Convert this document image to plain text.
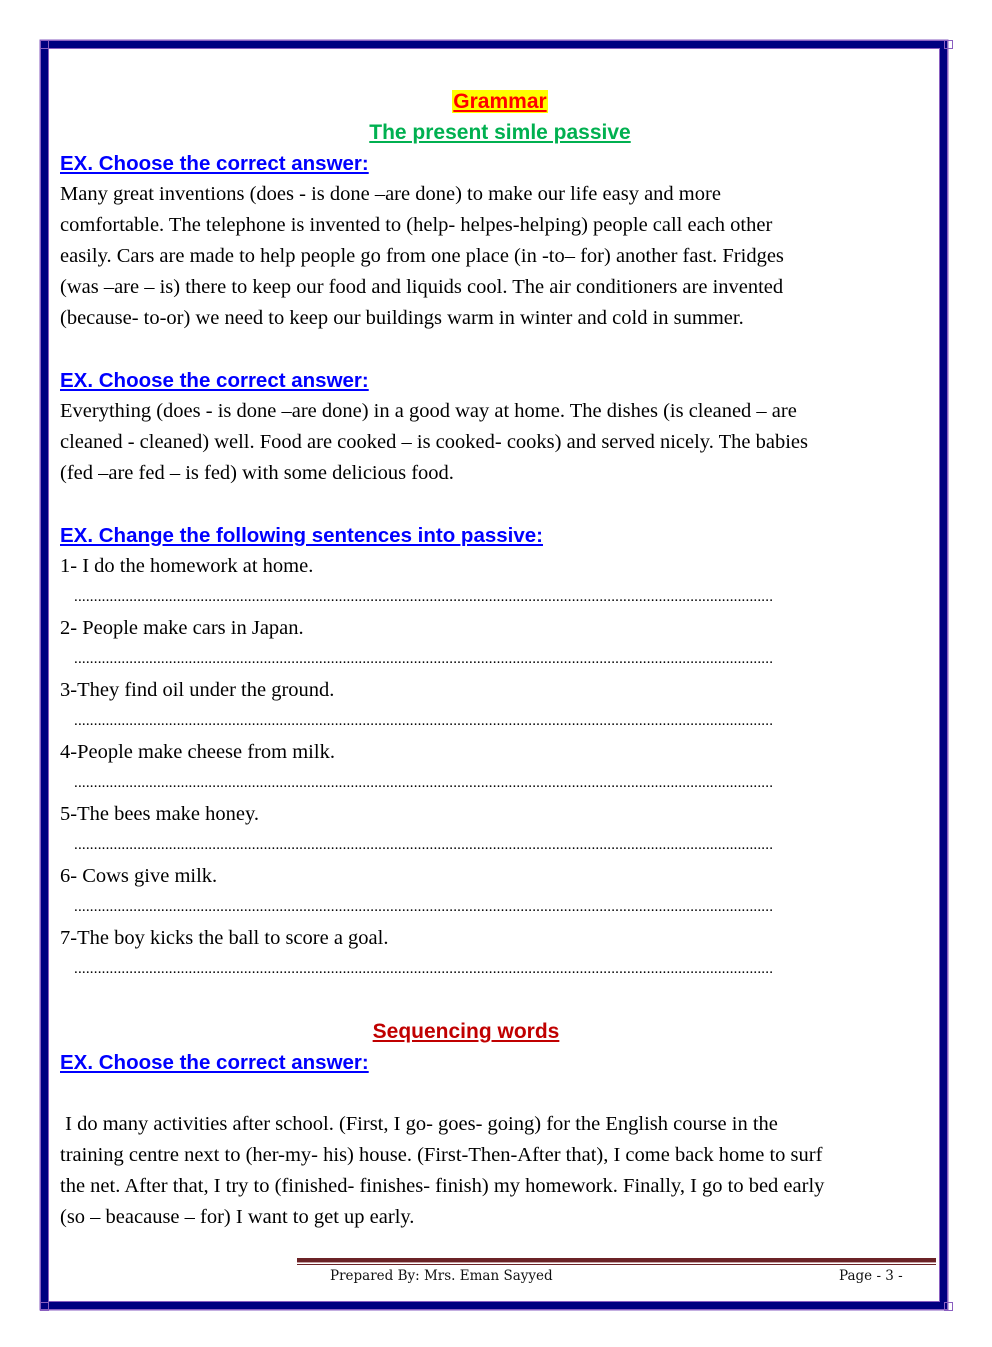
Grammar
The present simle passive
EX. Choose the correct answer:
Many great inventions (does - is done –are done) to make our life easy and more
comfortable. The telephone is invented to (help- helpes-helping) people call each other
easily. Cars are made to help people go from one place (in -to– for) another fast. Fridges
(was –are – is) there to keep our food and liquids cool. The air conditioners are invented
(because- to-or) we need to keep our buildings warm in winter and cold in summer.
EX. Choose the correct answer:
Everything (does - is done –are done) in a good way at home. The dishes (is cleaned – are
cleaned - cleaned) well. Food are cooked – is cooked- cooks) and served nicely. The babies
(fed –are fed – is fed) with some delicious food.
EX. Change the following sentences into passive:
1- I do the homework at home.
.................................................................................................................................................................................
2- People make cars in Japan.
.................................................................................................................................................................................
3-They find oil under the ground.
.................................................................................................................................................................................
4-People make cheese from milk.
.................................................................................................................................................................................
5-The bees make honey.
.................................................................................................................................................................................
6- Cows give milk.
.................................................................................................................................................................................
7-The boy kicks the ball to score a goal.
.................................................................................................................................................................................
Sequencing words
EX. Choose the correct answer:
I do many activities after school. (First, I go- goes- going) for the English course in the
training centre next to (her-my- his) house. (First-Then-After that), I come back home to surf
the net. After that, I try to (finished- finishes- finish) my homework. Finally, I go to bed early
(so – beacause – for) I want to get up early.
Prepared By: Mrs. Eman Sayyed	Page - 3 -
